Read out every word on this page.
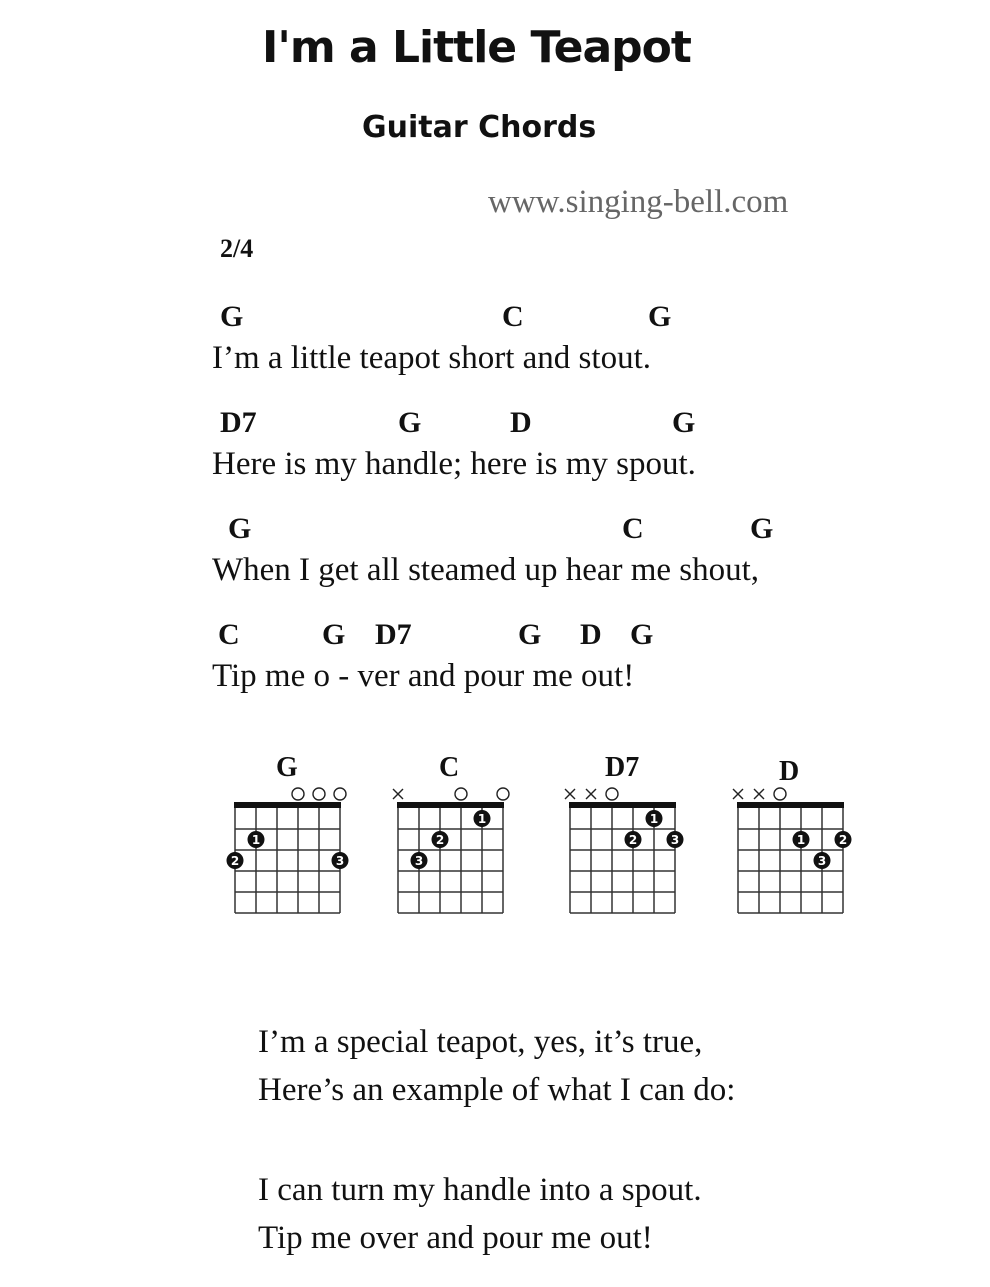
I'm a Little Teapot
Guitar Chords
www.singing-bell.com
2/4
G	C	G
I’m a little teapot short and stout.
D7	G	D	G
Here is my handle; here is my spout.
G	C	G
When I get all steamed up hear me shout,
C	G D7	G D G
Tip me o - ver and pour me out!
G
1
2	3
C
1
2
3
D7
1
2	3
D
1	2
3
I’m a special teapot, yes, it’s true,
Here’s an example of what I can do:
I can turn my handle into a spout.
Tip me over and pour me out!
